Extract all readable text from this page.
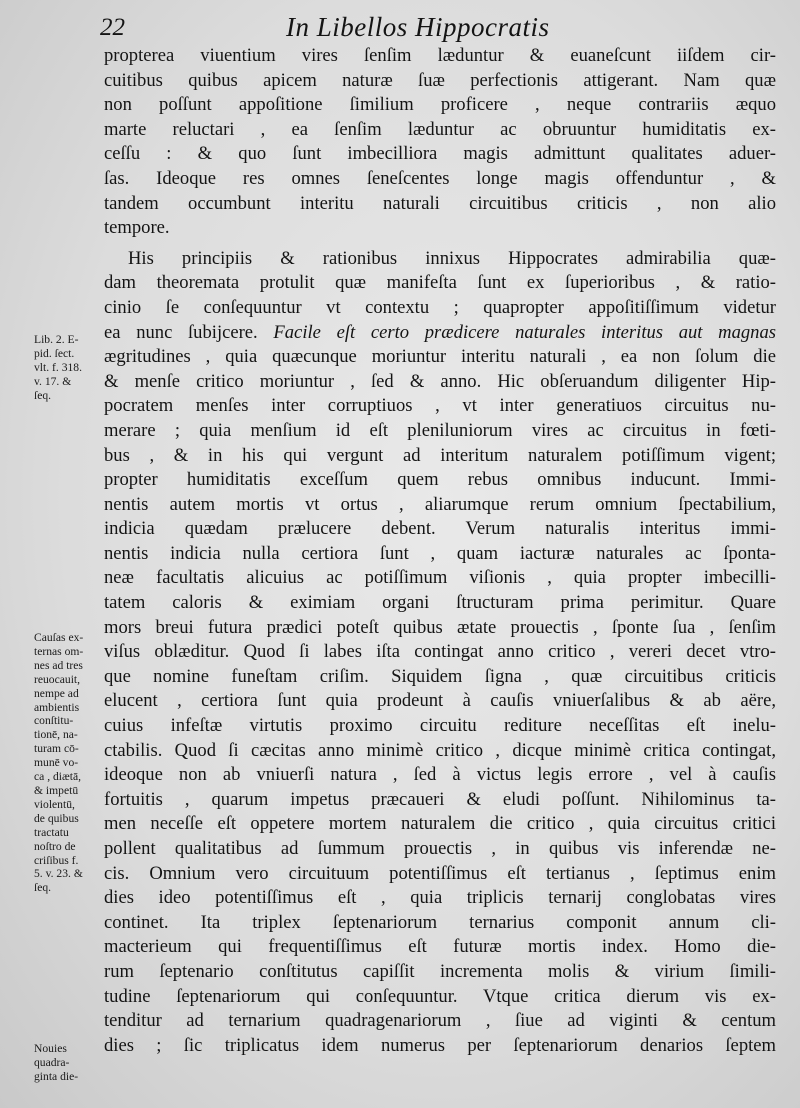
22	In Libellos Hippocratis
Lib. 2. E-
pid. ſect.
vlt. f. 318.
v. 17. &
ſeq.
Cauſas ex-
ternas om-
nes ad tres
reuocauit,
nempe ad
ambientis
conſtitu-
tionē, na-
turam cō-
munē vo-
ca , diætā,
& impetū
violentū,
de quibus
tractatu
noſtro de
criſibus f.
5. v. 23. &
ſeq.
Nouies
quadra-
ginta die-
propterea viuentium vires ſenſim læduntur & euaneſcunt iiſdem cir-
cuitibus quibus apicem naturæ ſuæ perfectionis attigerant. Nam quæ
non poſſunt appoſitione ſimilium proficere , neque contrariis æquo
marte reluctari , ea ſenſim læduntur ac obruuntur humiditatis ex-
ceſſu : & quo ſunt imbecilliora magis admittunt qualitates aduer-
ſas. Ideoque res omnes ſeneſcentes longe magis offenduntur , &
tandem occumbunt interitu naturali circuitibus criticis , non alio
tempore.
His principiis & rationibus innixus Hippocrates admirabilia quæ-
dam theoremata protulit quæ manifeſta ſunt ex ſuperioribus , & ratio-
cinio ſe conſequuntur vt contextu ; quapropter appoſitiſſimum videtur
ea nunc ſubijcere. Facile eſt certo prædicere naturales interitus aut magnas
ægritudines , quia quæcunque moriuntur interitu naturali , ea non ſolum die
& menſe critico moriuntur , ſed & anno. Hic obſeruandum diligenter Hip-
pocratem menſes inter corruptiuos , vt inter generatiuos circuitus nu-
merare ; quia menſium id eſt pleniluniorum vires ac circuitus in fœti-
bus , & in his qui vergunt ad interitum naturalem potiſſimum vigent;
propter humiditatis exceſſum quem rebus omnibus inducunt. Immi-
nentis autem mortis vt ortus , aliarumque rerum omnium ſpectabilium,
indicia quædam prælucere debent. Verum naturalis interitus immi-
nentis indicia nulla certiora ſunt , quam iacturæ naturales ac ſponta-
neæ facultatis alicuius ac potiſſimum viſionis , quia propter imbecilli-
tatem caloris & eximiam organi ſtructuram prima perimitur. Quare
mors breui futura prædici poteſt quibus ætate prouectis , ſponte ſua , ſenſim
viſus oblæditur. Quod ſi labes iſta contingat anno critico , vereri decet vtro-
que nomine funeſtam criſim. Siquidem ſigna , quæ circuitibus criticis
elucent , certiora ſunt quia prodeunt à cauſis vniuerſalibus & ab aëre,
cuius infeſtæ virtutis proximo circuitu rediture neceſſitas eſt inelu-
ctabilis. Quod ſi cæcitas anno minimè critico , dicque minimè critica contingat,
ideoque non ab vniuerſi natura , ſed à victus legis errore , vel à cauſis
fortuitis , quarum impetus præcaueri & eludi poſſunt. Nihilominus ta-
men neceſſe eſt oppetere mortem naturalem die critico , quia circuitus critici
pollent qualitatibus ad ſummum prouectis , in quibus vis inferendæ ne-
cis. Omnium vero circuituum potentiſſimus eſt tertianus , ſeptimus enim
dies ideo potentiſſimus eſt , quia triplicis ternarij conglobatas vires
continet. Ita triplex ſeptenariorum ternarius componit annum cli-
macterieum qui frequentiſſimus eſt futuræ mortis index. Homo die-
rum ſeptenario conſtitutus capiſſit incrementa molis & virium ſimili-
tudine ſeptenariorum qui conſequuntur. Vtque critica dierum vis ex-
tenditur ad ternarium quadragenariorum , ſiue ad viginti & centum
dies ; ſic triplicatus idem numerus per ſeptenariorum denarios ſeptem
